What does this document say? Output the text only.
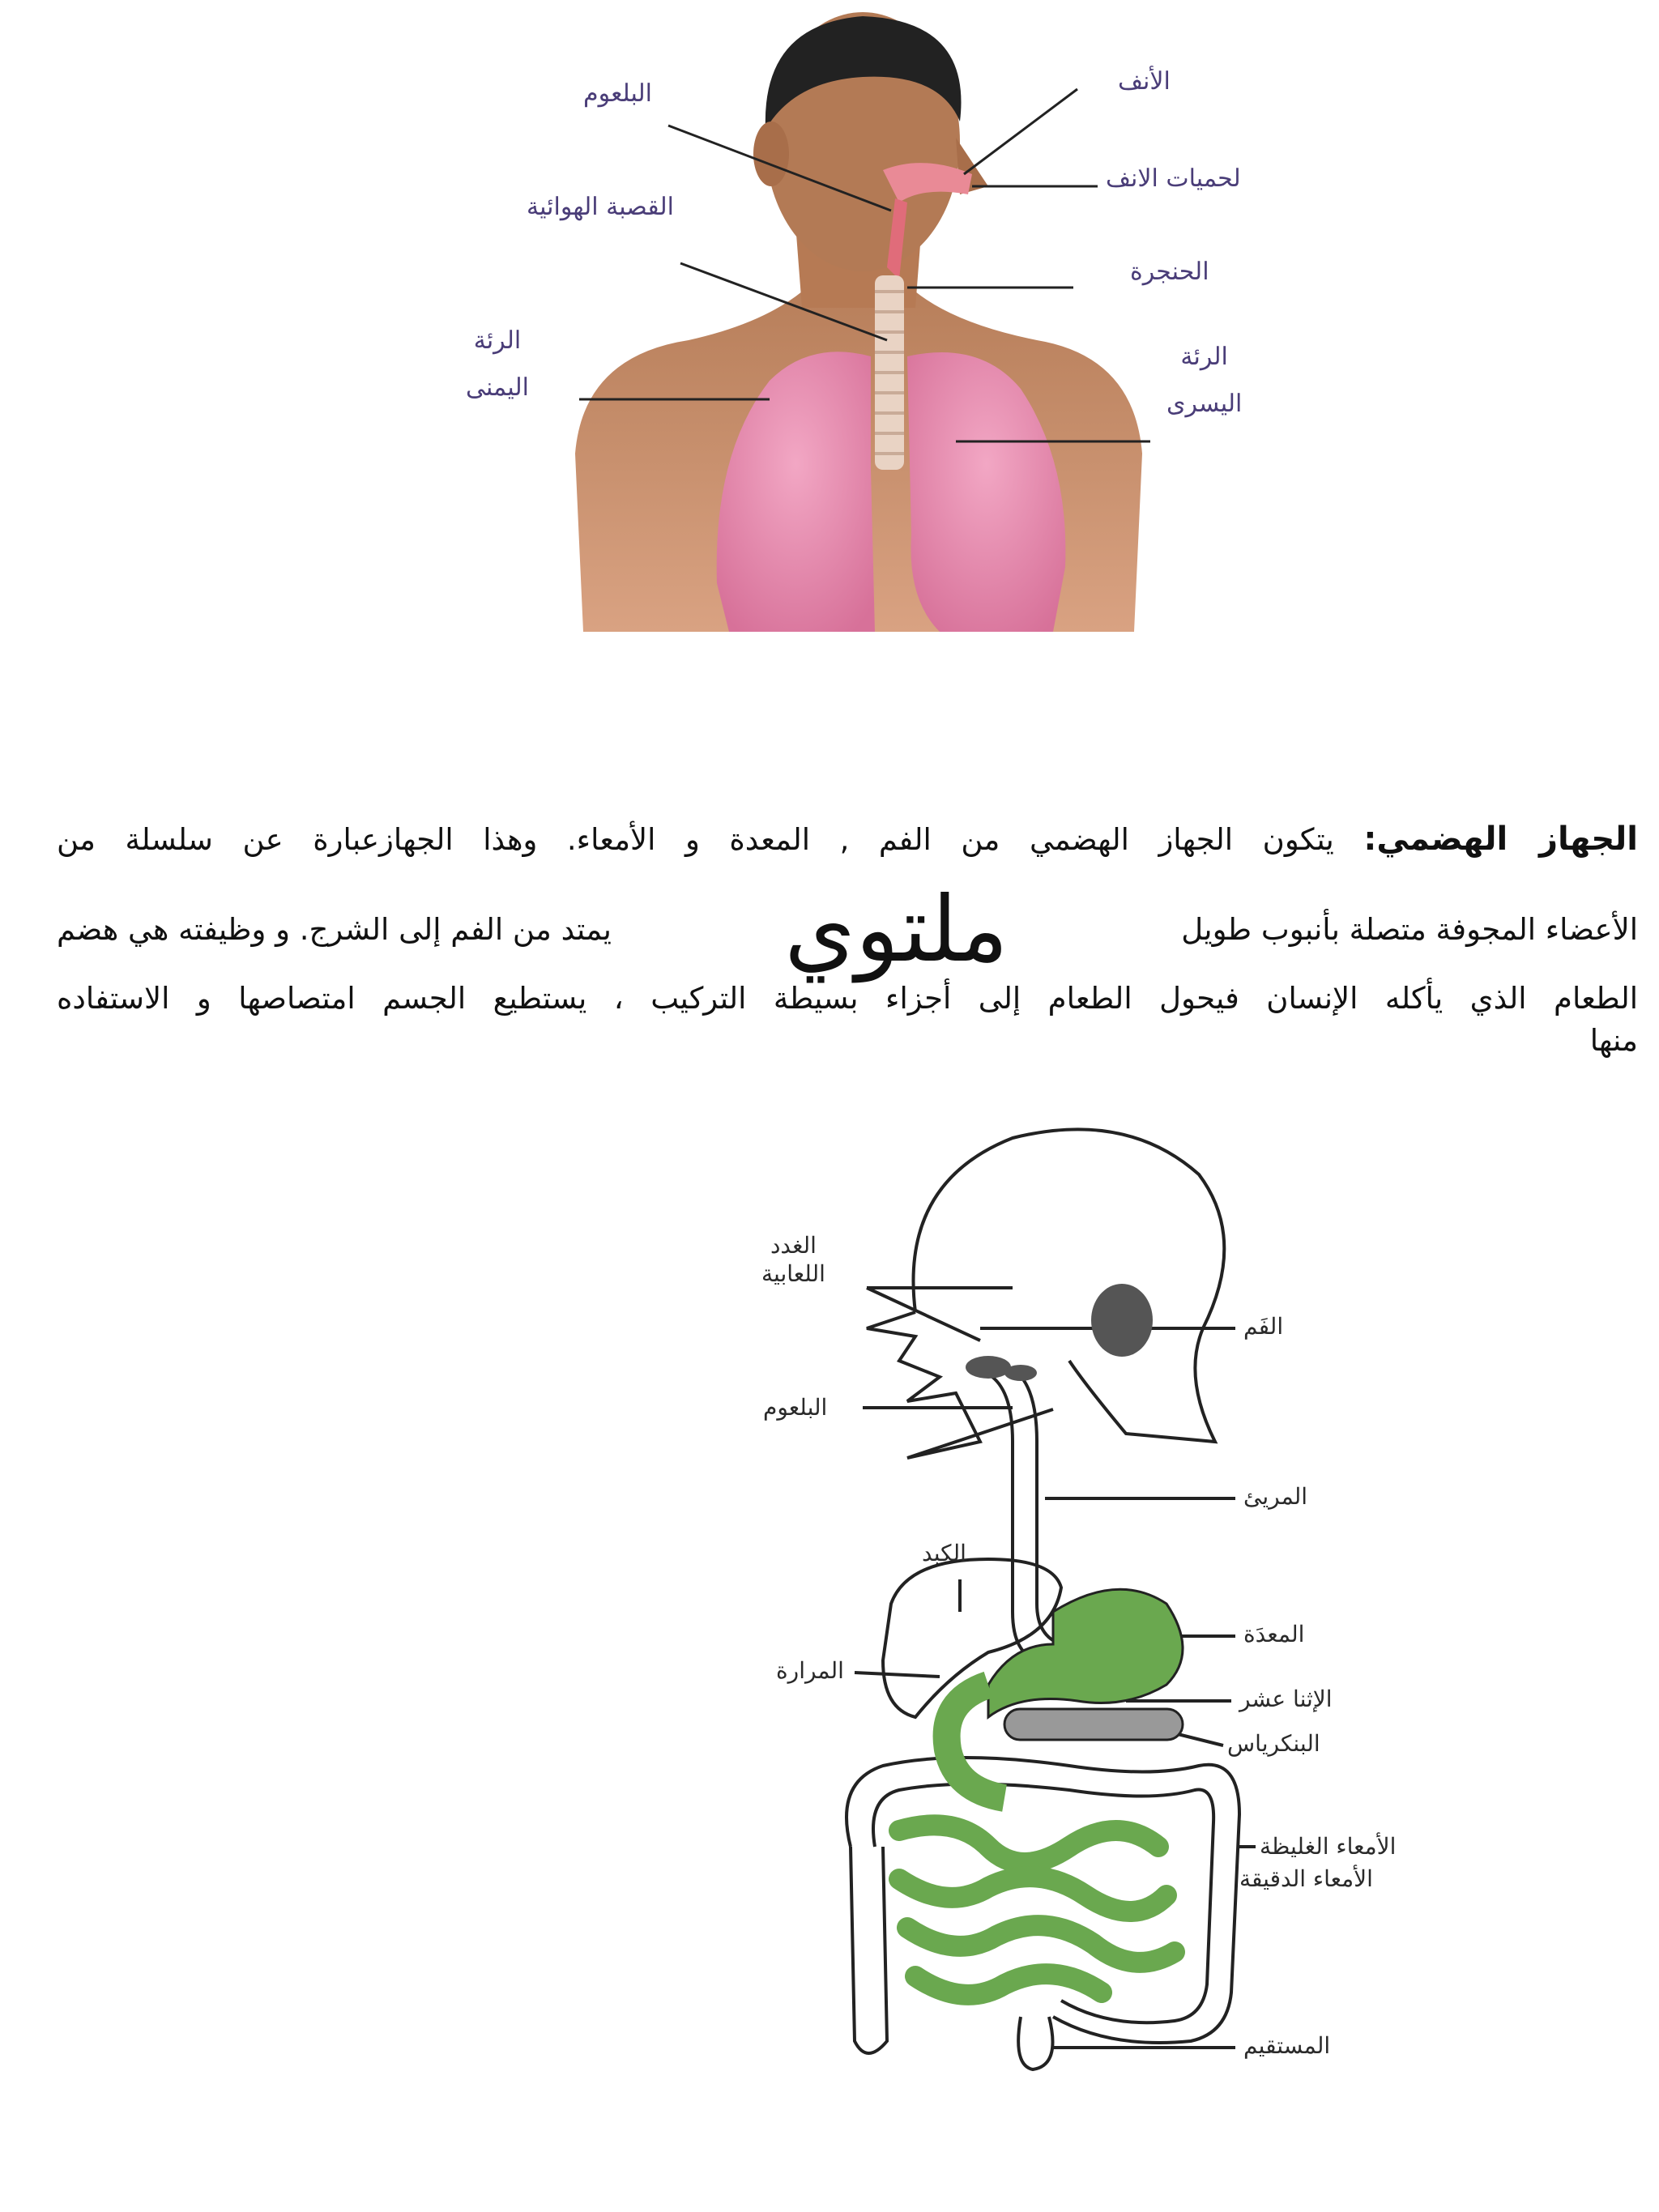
البلعوم	الأنف
لحميات الانف
القصبة الهوائية
الحنجرة
الرئة
اليمنى
الرئة
اليسرى
الجهاز الهضمي: يتكون الجهاز الهضمي من الفم , المعدة و الأمعاء. وهذا الجهازعبارة عن سلسلة من
الأعضاء المجوفة متصلة بأنبوب طويل
ملتوي
يمتد من الفم إلى الشرج. و وظيفته هي هضم
الطعام الذي يأكله الإنسان فيحول الطعام إلى أجزاء بسيطة التركيب ، يستطيع الجسم امتصاصها و الاستفاده
منها
الغدد
اللعابية
الفَم
البلعوم
المريئ
الكبد
المعدَة
المرارة
الإثنا عشر
البنكرياس
الأمعاء الغليظة
الأمعاء الدقيقة
المستقيم
